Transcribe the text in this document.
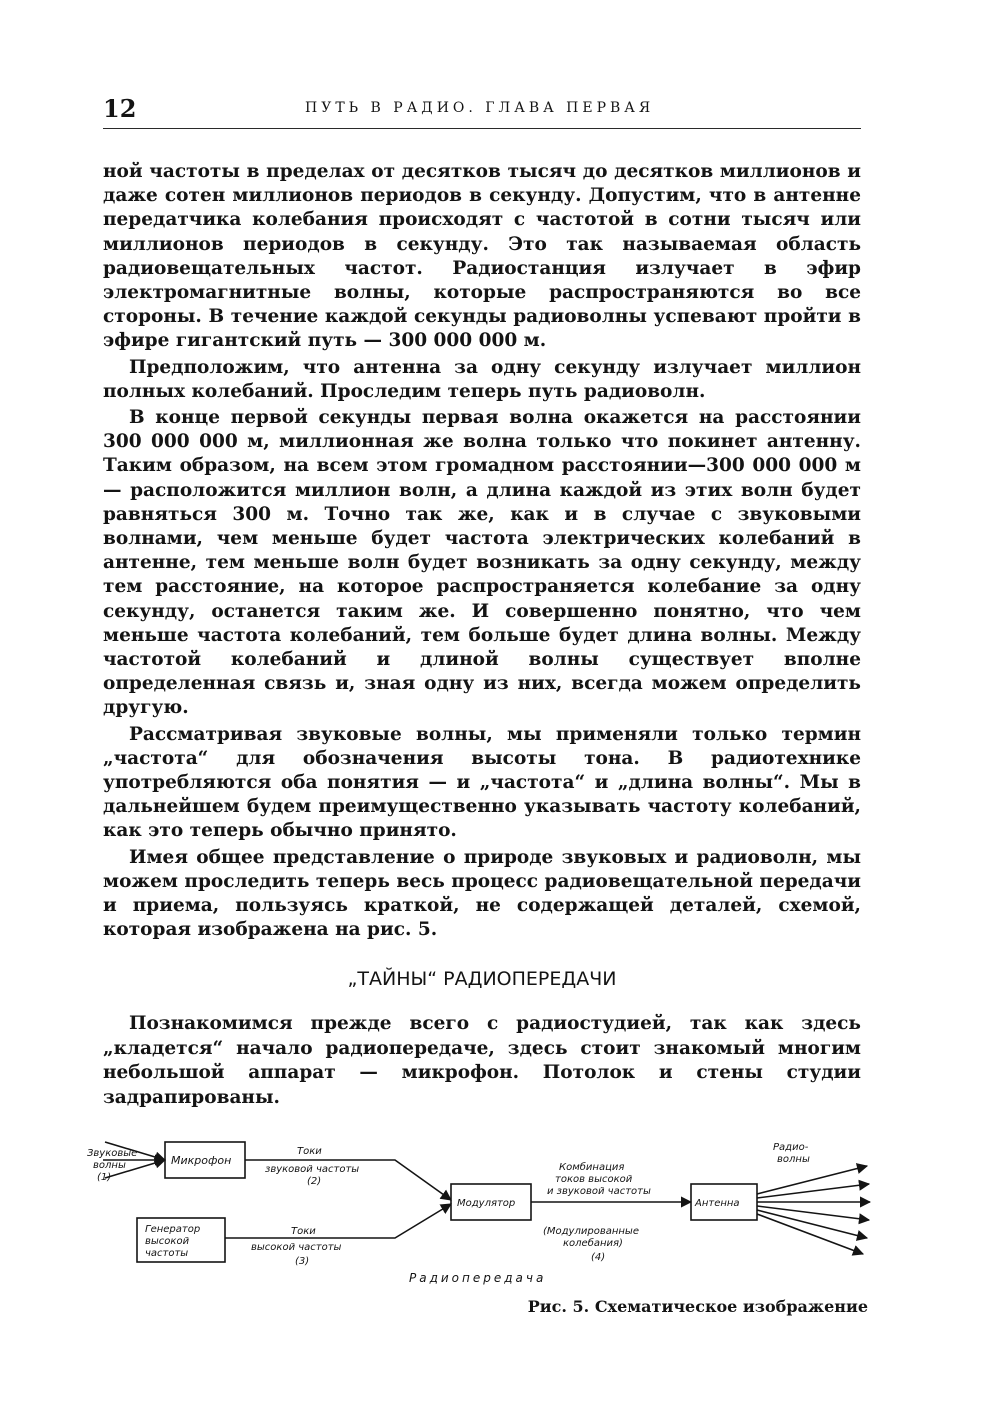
12	ПУТЬ В РАДИО. ГЛАВА ПЕРВАЯ

ной частоты в пределах от десятков тысяч до десятков миллионов и даже сотен миллионов периодов в секунду. Допустим, что в антенне передатчика колебания происходят с частотой в сотни тысяч или миллионов периодов в секунду. Это так называемая область радиовещательных частот. Радиостанция излучает в эфир электромагнитные волны, которые распространяются во все стороны. В течение каждой секунды радиоволны успевают пройти в эфире гигантский путь — 300 000 000 м.

Предположим, что антенна за одну секунду излучает миллион полных колебаний. Проследим теперь путь радиоволн.

В конце первой секунды первая волна окажется на расстоянии 300 000 000 м, миллионная же волна только что покинет антенну. Таким образом, на всем этом громадном расстоянии—300 000 000 м— расположится миллион волн, а длина каждой из этих волн будет равняться 300 м. Точно так же, как и в случае с звуковыми волнами, чем меньше будет частота электрических колебаний в антенне, тем меньше волн будет возникать за одну секунду, между тем расстояние, на которое распространяется колебание за одну секунду, останется таким же. И совершенно понятно, что чем меньше частота колебаний, тем больше будет длина волны. Между частотой колебаний и длиной волны существует вполне определенная связь и, зная одну из них, всегда можем определить другую.

Рассматривая звуковые волны, мы применяли только термин „частота“ для обозначения высоты тона. В радиотехнике употребляются оба понятия — и „частота“ и „длина волны“. Мы в дальнейшем будем преимущественно указывать частоту колебаний, как это теперь обычно принято.

Имея общее представление о природе звуковых и радиоволн, мы можем проследить теперь весь процесс радиовещательной передачи и приема, пользуясь краткой, не содержащей деталей, схемой, которая изображена на рис. 5.

„ТАЙНЫ“ РАДИОПЕРЕДАЧИ

Познакомимся прежде всего с радиостудией, так как здесь „кладется“ начало радиопередаче, здесь стоит знакомый многим небольшой аппарат — микрофон. Потолок и стены студии задрапированы.

Звуковые
волны
(1)
Микрофон
Генератор
высокой
частоты
Токи
звуковой частоты
(2)
Токи
высокой частоты
(3)
Модулятор
Комбинация
токов высокой
и звуковой частоты
(Модулированные
колебания)
(4)
Антенна
Радио-
волны
Радиопередача
Рис. 5. Схематическое изображение
